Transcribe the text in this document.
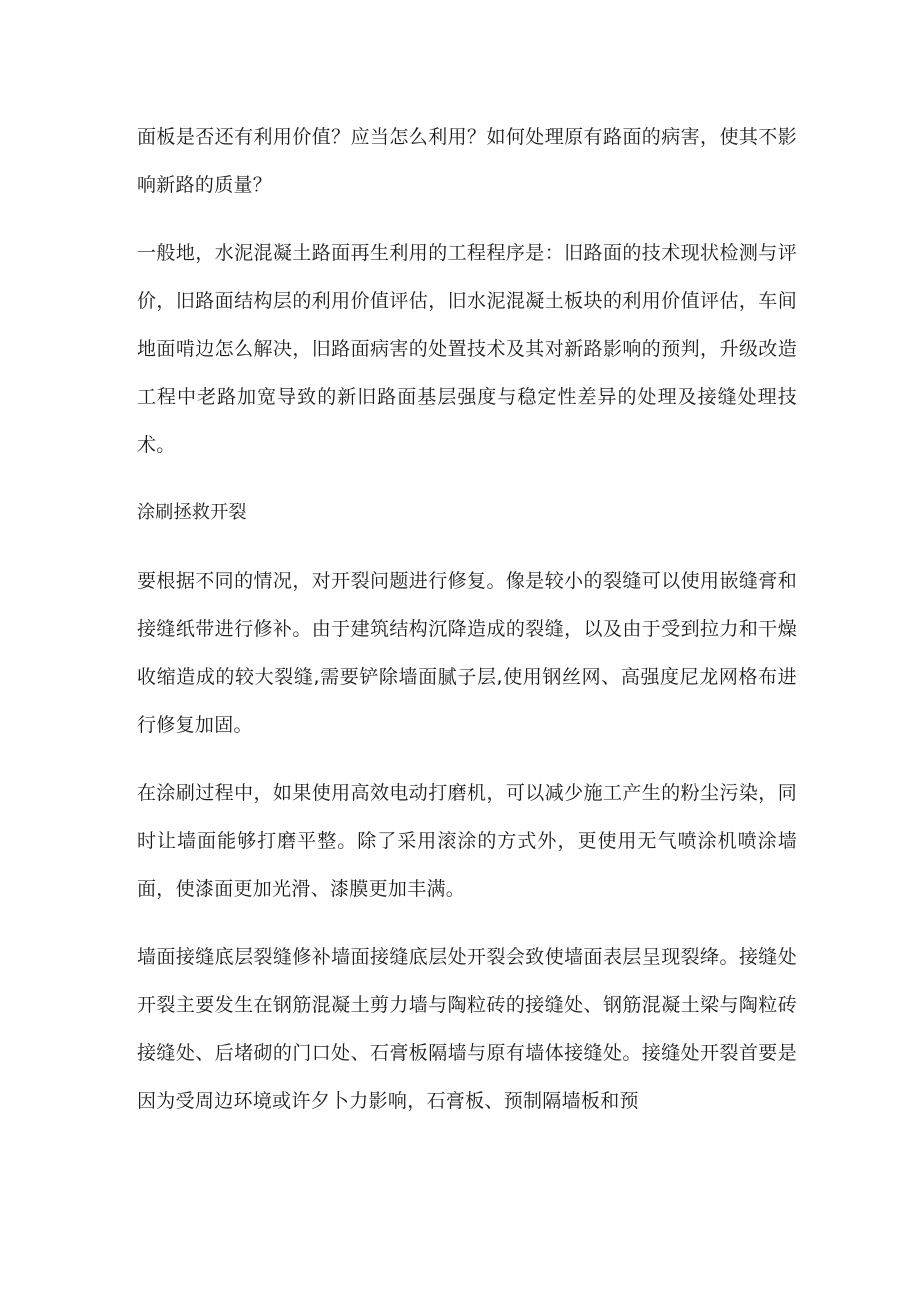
面板是否还有利用价值？应当怎么利用？如何处理原有路面的病害，使其不影响新路的质量？

一般地，水泥混凝土路面再生利用的工程程序是：旧路面的技术现状检测与评价，旧路面结构层的利用价值评估，旧水泥混凝土板块的利用价值评估，车间地面啃边怎么解决，旧路面病害的处置技术及其对新路影响的预判，升级改造工程中老路加宽导致的新旧路面基层强度与稳定性差异的处理及接缝处理技术。

涂刷拯救开裂

要根据不同的情况，对开裂问题进行修复。像是较小的裂缝可以使用嵌缝膏和接缝纸带进行修补。由于建筑结构沉降造成的裂缝，以及由于受到拉力和干燥收缩造成的较大裂缝,需要铲除墙面腻子层,使用钢丝网、高强度尼龙网格布进行修复加固。

在涂刷过程中，如果使用高效电动打磨机，可以减少施工产生的粉尘污染，同时让墙面能够打磨平整。除了采用滚涂的方式外，更使用无气喷涂机喷涂墙面，使漆面更加光滑、漆膜更加丰满。

墙面接缝底层裂缝修补墙面接缝底层处开裂会致使墙面表层呈现裂绛。接缝处开裂主要发生在钢筋混凝土剪力墙与陶粒砖的接缝处、钢筋混凝土梁与陶粒砖接缝处、后堵砌的门口处、石膏板隔墙与原有墙体接缝处。接缝处开裂首要是因为受周边环境或许夕卜力影响，石膏板、预制隔墙板和预
